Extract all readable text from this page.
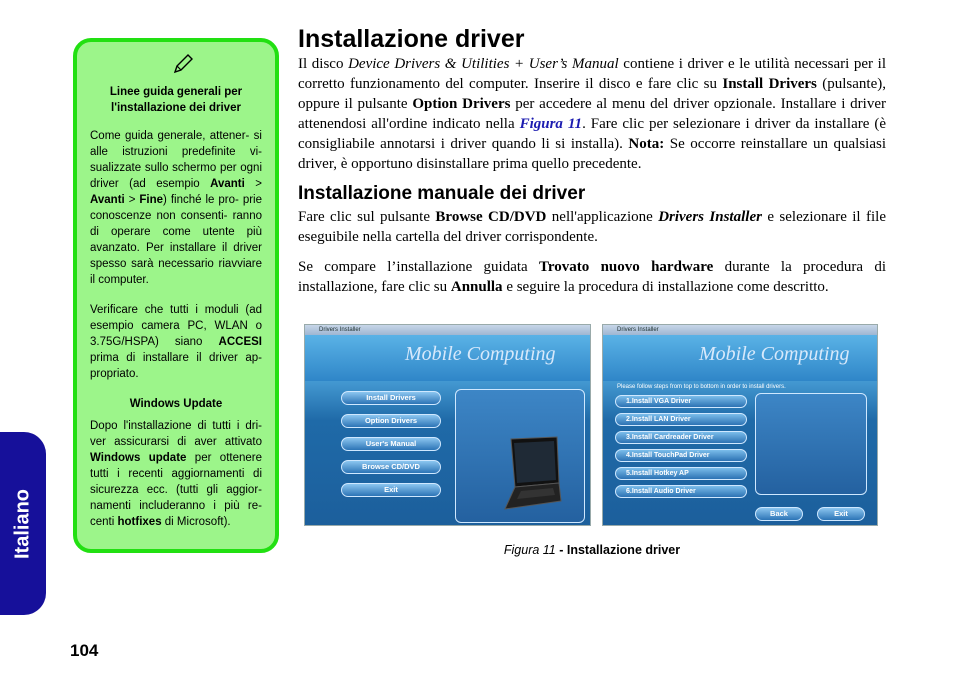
Italiano
Linee guida generali per l'installazione dei driver

Come guida generale, attener- si alle istruzioni predefinite vi- sualizzate sullo schermo per ogni driver (ad esempio Avanti > Avanti > Fine) finché le pro- prie conoscenze non consenti- ranno di operare come utente più avanzato. Per installare il driver spesso sarà necessario riavviare il computer.

Verificare che tutti i moduli (ad esempio camera PC, WLAN o 3.75G/HSPA) siano ACCESI prima di installare il driver ap- propriato.

Windows Update

Dopo l'installazione di tutti i dri- ver assicurarsi di aver attivato Windows update per ottenere tutti i recenti aggiornamenti di sicurezza ecc. (tutti gli aggior- namenti includeranno i più re- centi hotfixes di Microsoft).

Installazione driver

Il disco Device Drivers & Utilities + User’s Manual contiene i driver e le utilità necessari per il corretto funzionamento del computer. Inserire il disco e fare clic su Install Drivers (pulsante), oppure il pulsante Option Drivers per accedere al menu del driver opzionale. Installare i driver attenendosi all'ordine indicato nella Figura 11. Fare clic per selezionare i driver da installare (è consigliabile annotarsi i driver quando li si installa). Nota: Se occorre reinstallare un qualsiasi driver, è opportuno disinstallare prima quello precedente.

Installazione manuale dei driver

Fare clic sul pulsante Browse CD/DVD nell'applicazione Drivers Installer e selezionare il file eseguibile nella cartella del driver corrispondente.

Se compare l’installazione guidata Trovato nuovo hardware durante la procedura di installazione, fare clic su Annulla e seguire la procedura di installazione come descritto.

Drivers Installer
Mobile Computing
Install Drivers
Option Drivers
User's Manual
Browse CD/DVD
Exit
Drivers Installer
Mobile Computing
Please follow steps from top to bottom in order to install drivers.
1.Install VGA Driver
2.Install LAN Driver
3.Install Cardreader Driver
4.Install TouchPad Driver
5.Install Hotkey AP
6.Install Audio Driver
Back	Exit
Figura 11 - Installazione driver
104
